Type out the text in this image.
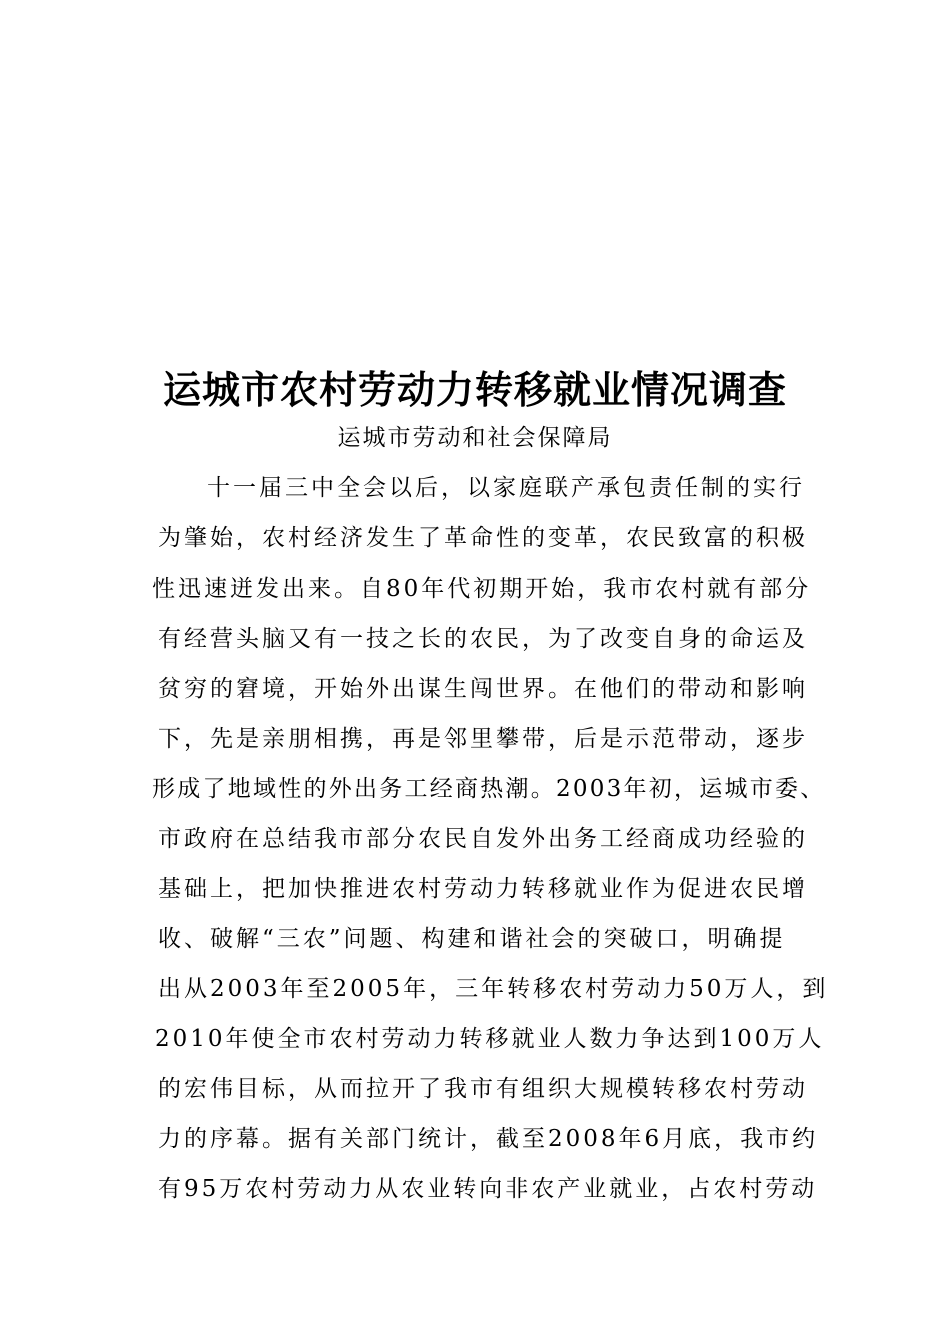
运城市农村劳动力转移就业情况调查

运城市劳动和社会保障局

十一届三中全会以后，以家庭联产承包责任制的实行

为肇始，农村经济发生了革命性的变革，农民致富的积极

性迅速迸发出来。自80年代初期开始，我市农村就有部分

有经营头脑又有一技之长的农民，为了改变自身的命运及

贫穷的窘境，开始外出谋生闯世界。在他们的带动和影响

下，先是亲朋相携，再是邻里攀带，后是示范带动，逐步

形成了地域性的外出务工经商热潮。2003年初，运城市委、

市政府在总结我市部分农民自发外出务工经商成功经验的

基础上，把加快推进农村劳动力转移就业作为促进农民增

收、破解“三农”问题、构建和谐社会的突破口，明确提

出从2003年至2005年，三年转移农村劳动力50万人，到

2010年使全市农村劳动力转移就业人数力争达到100万人

的宏伟目标，从而拉开了我市有组织大规模转移农村劳动

力的序幕。据有关部门统计，截至2008年6月底，我市约

有95万农村劳动力从农业转向非农产业就业，占农村劳动
